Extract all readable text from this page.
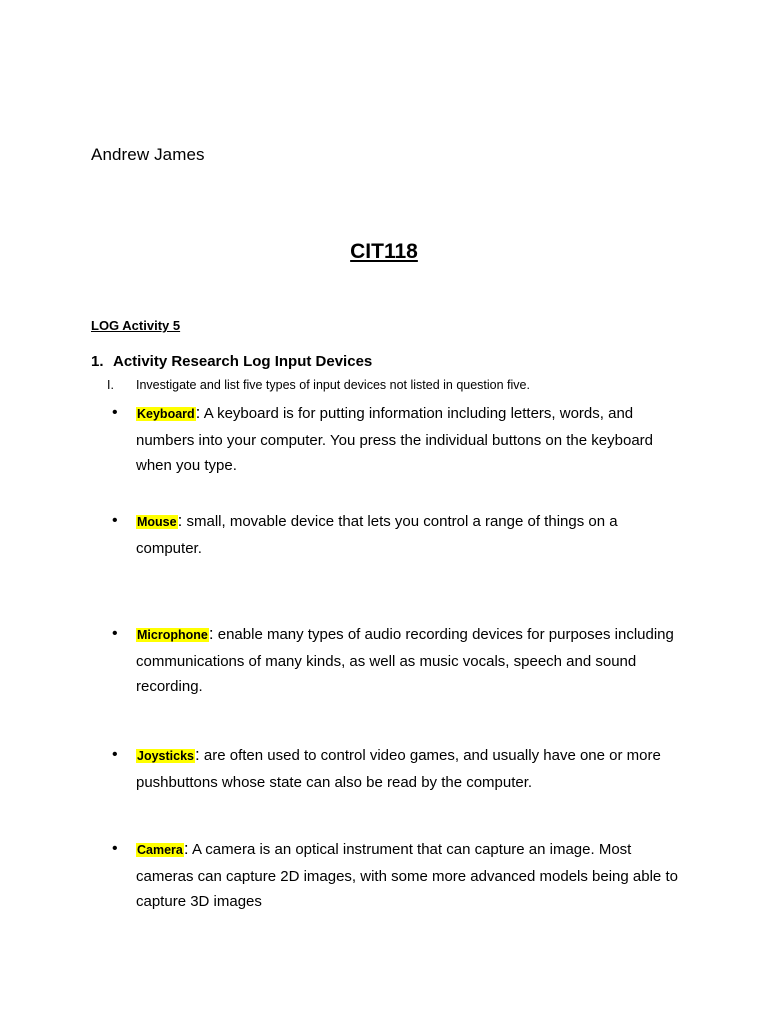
Andrew James
CIT118
LOG Activity 5
1. Activity Research Log Input Devices
I. Investigate and list five types of input devices not listed in question five.
•	Keyboard: A keyboard is for putting information including letters, words, and numbers into your computer. You press the individual buttons on the keyboard when you type.
•	Mouse: small, movable device that lets you control a range of things on a computer.
•	Microphone: enable many types of audio recording devices for purposes including communications of many kinds, as well as music vocals, speech and sound recording.
•	Joysticks: are often used to control video games, and usually have one or more pushbuttons whose state can also be read by the computer.
•	Camera: A camera is an optical instrument that can capture an image. Most cameras can capture 2D images, with some more advanced models being able to capture 3D images
